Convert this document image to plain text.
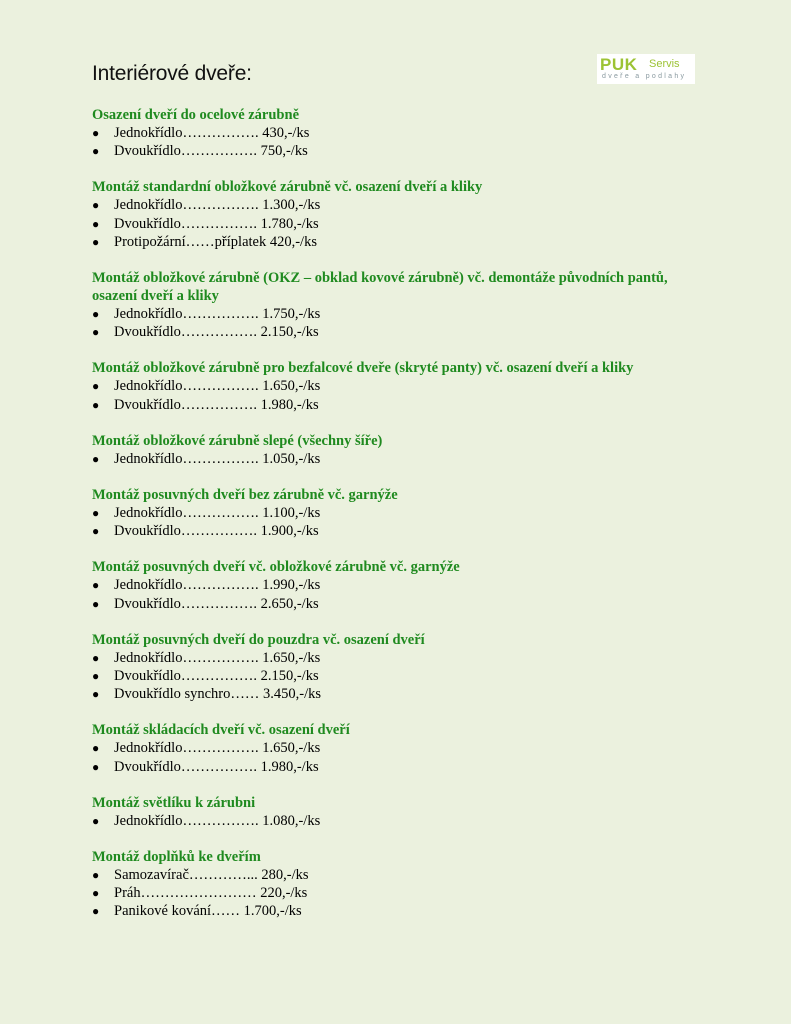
Interiérové dveře:	PUK Servis
dveře a podlahy
Osazení dveří do ocelové zárubně
● Jednokřídlo……………. 430,-/ks
● Dvoukřídlo……………. 750,-/ks
Montáž standardní obložkové zárubně vč. osazení dveří a kliky
● Jednokřídlo……………. 1.300,-/ks
● Dvoukřídlo……………. 1.780,-/ks
● Protipožární……příplatek 420,-/ks
Montáž obložkové zárubně (OKZ – obklad kovové zárubně) vč. demontáže původních pantů, osazení dveří a kliky
● Jednokřídlo……………. 1.750,-/ks
● Dvoukřídlo……………. 2.150,-/ks
Montáž obložkové zárubně pro bezfalcové dveře (skryté panty) vč. osazení dveří a kliky
● Jednokřídlo……………. 1.650,-/ks
● Dvoukřídlo……………. 1.980,-/ks
Montáž obložkové zárubně slepé (všechny šíře)
● Jednokřídlo……………. 1.050,-/ks
Montáž posuvných dveří bez zárubně vč. garnýže
● Jednokřídlo……………. 1.100,-/ks
● Dvoukřídlo……………. 1.900,-/ks
Montáž posuvných dveří vč. obložkové zárubně vč. garnýže
● Jednokřídlo……………. 1.990,-/ks
● Dvoukřídlo……………. 2.650,-/ks
Montáž posuvných dveří do pouzdra vč. osazení dveří
● Jednokřídlo……………. 1.650,-/ks
● Dvoukřídlo……………. 2.150,-/ks
● Dvoukřídlo synchro…… 3.450,-/ks
Montáž skládacích dveří vč. osazení dveří
● Jednokřídlo……………. 1.650,-/ks
● Dvoukřídlo……………. 1.980,-/ks
Montáž světlíku k zárubni
● Jednokřídlo……………. 1.080,-/ks
Montáž doplňků ke dveřím
● Samozavírač…………... 280,-/ks
● Práh…………………… 220,-/ks
● Panikové kování…… 1.700,-/ks
